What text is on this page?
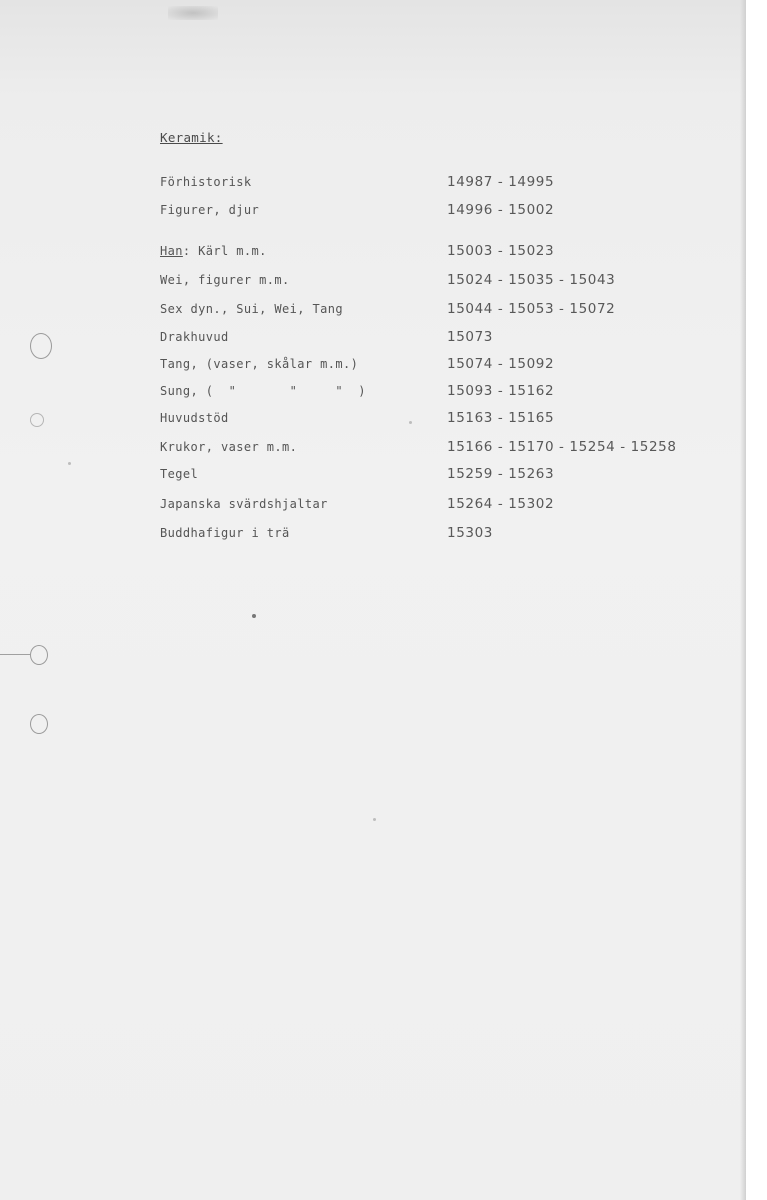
Keramik:
Förhistorisk	14987 - 14995
Figurer, djur	14996 - 15002
Han: Kärl m.m.	15003 - 15023
Wei, figurer m.m.	15024 - 15035 - 15043
Sex dyn., Sui, Wei, Tang	15044 - 15053 - 15072
Drakhuvud	15073
Tang, (vaser, skålar m.m.)	15074 - 15092
Sung, (  "       "     "  )	15093 - 15162
Huvudstöd	15163 - 15165
Krukor, vaser m.m.	15166 - 15170 - 15254 - 15258
Tegel	15259 - 15263
Japanska svärdshjaltar	15264 - 15302
Buddhafigur i trä	15303
